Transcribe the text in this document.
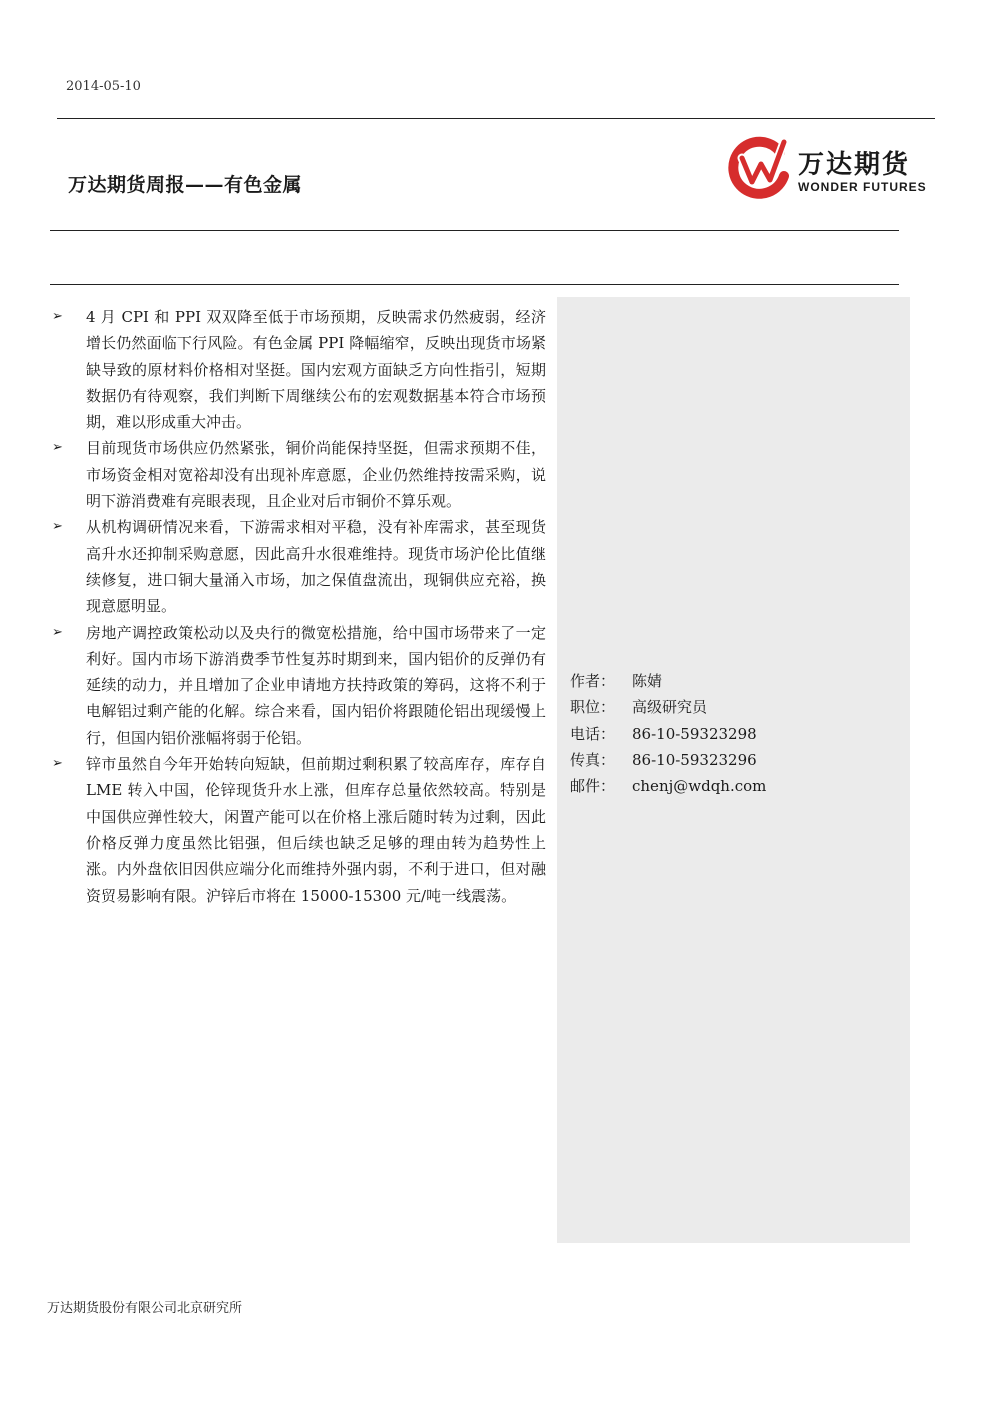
2014-05-10
万达期货周报——有色金属
万达期货
WONDER FUTURES
➢ 4 月 CPI 和 PPI 双双降至低于市场预期，反映需求仍然疲弱，经济增长仍然面临下行风险。有色金属 PPI 降幅缩窄，反映出现货市场紧缺导致的原材料价格相对坚挺。国内宏观方面缺乏方向性指引，短期数据仍有待观察，我们判断下周继续公布的宏观数据基本符合市场预期，难以形成重大冲击。
➢ 目前现货市场供应仍然紧张，铜价尚能保持坚挺，但需求预期不佳，市场资金相对宽裕却没有出现补库意愿，企业仍然维持按需采购，说明下游消费难有亮眼表现，且企业对后市铜价不算乐观。
➢ 从机构调研情况来看，下游需求相对平稳，没有补库需求，甚至现货高升水还抑制采购意愿，因此高升水很难维持。现货市场沪伦比值继续修复，进口铜大量涌入市场，加之保值盘流出，现铜供应充裕，换现意愿明显。
➢ 房地产调控政策松动以及央行的微宽松措施，给中国市场带来了一定利好。国内市场下游消费季节性复苏时期到来，国内铝价的反弹仍有延续的动力，并且增加了企业申请地方扶持政策的筹码，这将不利于电解铝过剩产能的化解。综合来看，国内铝价将跟随伦铝出现缓慢上行，但国内铝价涨幅将弱于伦铝。
➢ 锌市虽然自今年开始转向短缺，但前期过剩积累了较高库存，库存自 LME 转入中国，伦锌现货升水上涨，但库存总量依然较高。特别是中国供应弹性较大，闲置产能可以在价格上涨后随时转为过剩，因此价格反弹力度虽然比铝强，但后续也缺乏足够的理由转为趋势性上涨。内外盘依旧因供应端分化而维持外强内弱，不利于进口，但对融资贸易影响有限。沪锌后市将在 15000-15300 元/吨一线震荡。
作者：	陈婧
职位：	高级研究员
电话：	86-10-59323298
传真：	86-10-59323296
邮件：	chenj@wdqh.com
万达期货股份有限公司北京研究所
